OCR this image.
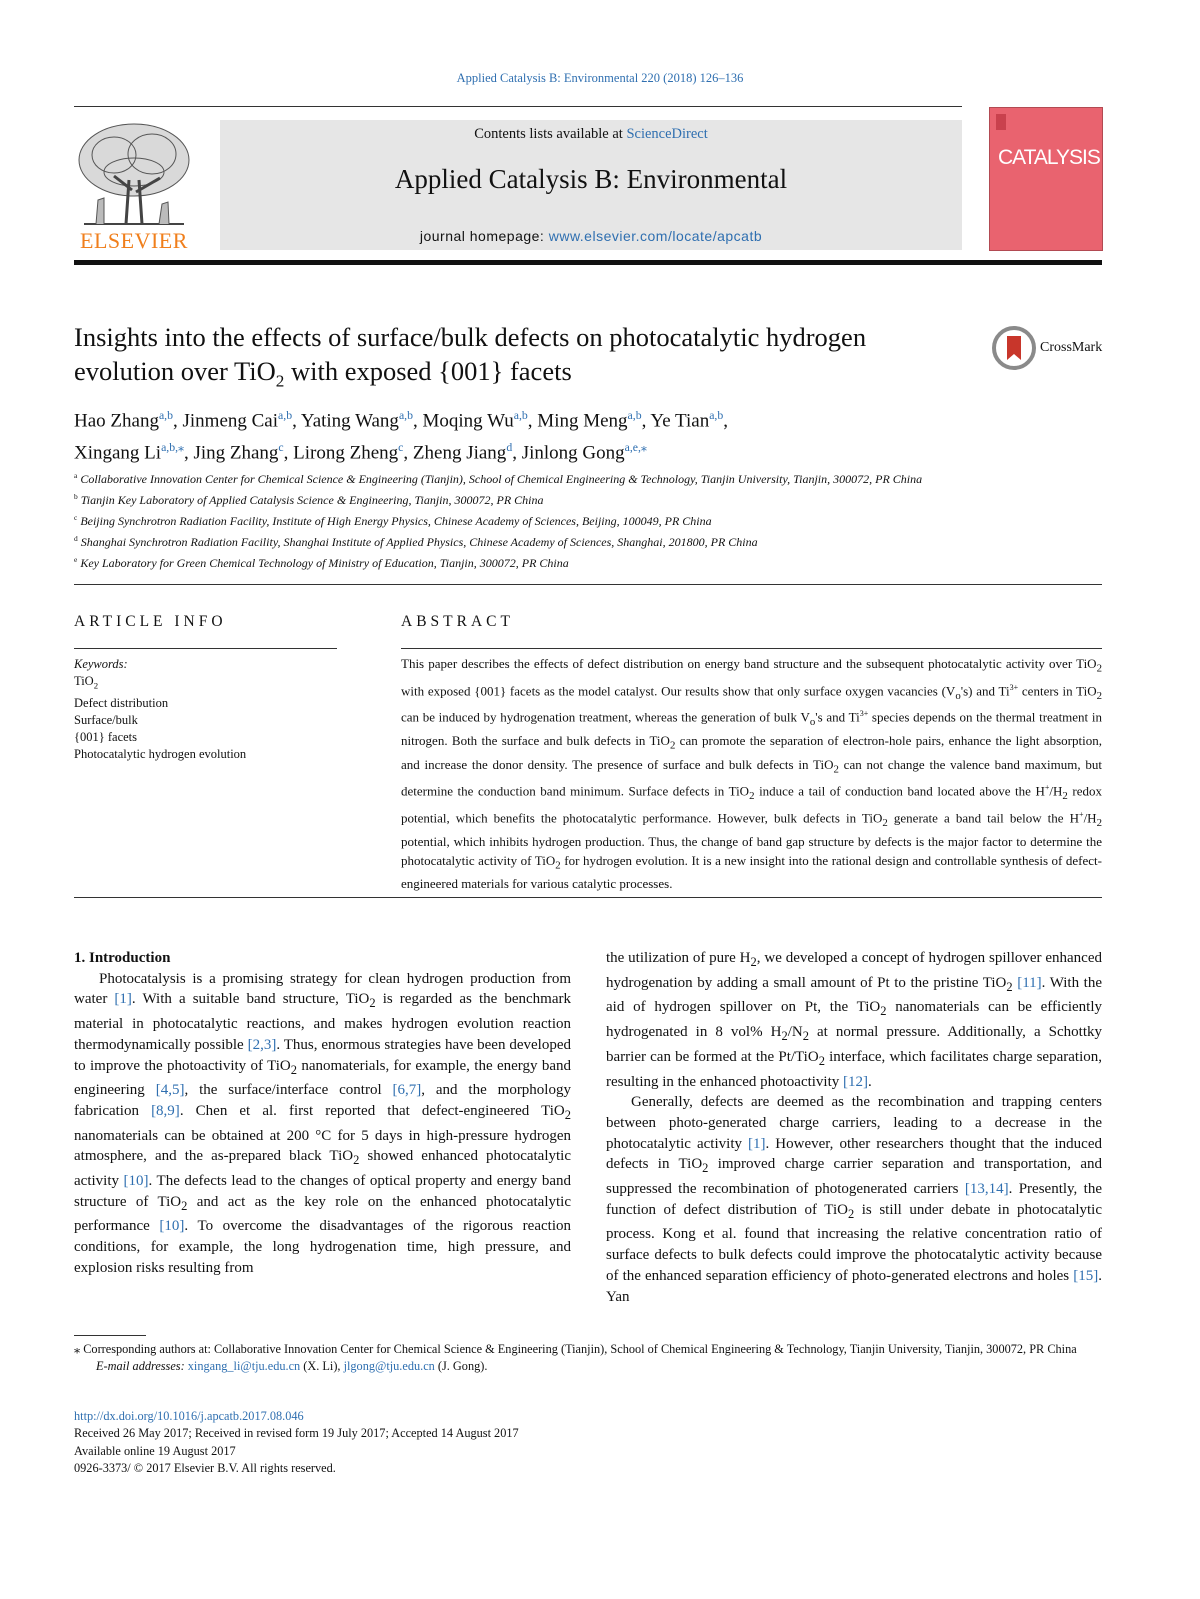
Applied Catalysis B: Environmental 220 (2018) 126–136
ELSEVIER
Contents lists available at ScienceDirect
Applied Catalysis B: Environmental
journal homepage: www.elsevier.com/locate/apcatb
CATALYSIS
Insights into the effects of surface/bulk defects on photocatalytic hydrogen
evolution over TiO$_2$ with exposed {001} facets
CrossMark
Hao Zhang$^{a,b}$, Jinmeng Cai$^{a,b}$, Yating Wang$^{a,b}$, Moqing Wu$^{a,b}$, Ming Meng$^{a,b}$, Ye Tian$^{a,b}$,
Xingang $Li^{a,b,⁎}$, Jing Zhang$^c$, Lirong Zheng$^c$, Zheng Jiang$^d$, Jinlong Gong$^{a,e,⁎}$
$^a$ Collaborative Innovation Center for Chemical Science & Engineering (Tianjin), School of Chemical Engineering & Technology, Tianjin University, Tianjin, 300072, PR China
$^b$ Tianjin Key Laboratory of Applied Catalysis Science & Engineering, Tianjin, 300072, PR China
$^c$ Beijing Synchrotron Radiation Facility, Institute of High Energy Physics, Chinese Academy of Sciences, Beijing, 100049, PR China
$^d$ Shanghai Synchrotron Radiation Facility, Shanghai Institute of Applied Physics, Chinese Academy of Sciences, Shanghai, 201800, PR China
$^e$ Key Laboratory for Green Chemical Technology of Ministry of Education, Tianjin, 300072, PR China
ARTICLE INFO
Keywords:
TiO$_2$
Defect distribution
Surface/bulk
{001} facets
Photocatalytic hydrogen evolution
ABSTRACT
This paper describes the effects of defect distribution on energy band structure and the subsequent photocatalytic activity over TiO$_2$ with exposed {001} facets as the model catalyst. Our results show that only surface oxygen vacancies $(V_o's)$ and $Ti^{3+}$ centers in TiO$_2$ can be induced by hydrogenation treatment, whereas the generation of bulk $V_o's$ and $Ti^{3+}$ species depends on the thermal treatment in nitrogen. Both the surface and bulk defects in TiO$_2$ can promote the separation of electron-hole pairs, enhance the light absorption, and increase the donor density. The presence of surface and bulk defects in TiO$_2$ can not change the valence band maximum, but determine the conduction band minimum. Surface defects in TiO$_2$ induce a tail of conduction band located above the $H^+/H_2$ redox potential, which benefits the photocatalytic performance. However, bulk defects in TiO$_2$ generate a band tail below the $H^+/H_2$ potential, which inhibits hydrogen production. Thus, the change of band gap structure by defects is the major factor to determine the photocatalytic activity of TiO$_2$ for hydrogen evolution. It is a new insight into the rational design and controllable synthesis of defect-engineered materials for various catalytic processes.

1. Introduction

Photocatalysis is a promising strategy for clean hydrogen production from water [1]. With a suitable band structure, TiO$_2$ is regarded as the benchmark material in photocatalytic reactions, and makes hydrogen evolution reaction thermodynamically possible [2,3]. Thus, enormous strategies have been developed to improve the photoactivity of TiO$_2$ nanomaterials, for example, the energy band engineering [4,5], the surface/interface control [6,7], and the morphology fabrication [8,9]. Chen et al. first reported that defect-engineered TiO$_2$ nanomaterials can be obtained at 200 °C for 5 days in high-pressure hydrogen atmosphere, and the as-prepared black TiO$_2$ showed enhanced photocatalytic activity [10]. The defects lead to the changes of optical property and energy band structure of TiO$_2$ and act as the key role on the enhanced photocatalytic performance [10]. To overcome the disadvantages of the rigorous reaction conditions, for example, the long hydrogenation time, high pressure, and explosion risks resulting from

the utilization of pure $H_2$, we developed a concept of hydrogen spillover enhanced hydrogenation by adding a small amount of Pt to the pristine TiO$_2$ [11]. With the aid of hydrogen spillover on Pt, the TiO$_2$ nanomaterials can be efficiently hydrogenated in 8 vol% $H_2/N_2$ at normal pressure. Additionally, a Schottky barrier can be formed at the Pt/TiO$_2$ interface, which facilitates charge separation, resulting in the enhanced photoactivity [12].

Generally, defects are deemed as the recombination and trapping centers between photo-generated charge carriers, leading to a decrease in the photocatalytic activity [1]. However, other researchers thought that the induced defects in TiO$_2$ improved charge carrier separation and transportation, and suppressed the recombination of photogenerated carriers [13,14]. Presently, the function of defect distribution of TiO$_2$ is still under debate in photocatalytic process. Kong et al. found that increasing the relative concentration ratio of surface defects to bulk defects could improve the photocatalytic activity because of the enhanced separation efficiency of photo-generated electrons and holes [15]. Yan

⁎ Corresponding authors at: Collaborative Innovation Center for Chemical Science & Engineering (Tianjin), School of Chemical Engineering & Technology, Tianjin University, Tianjin, 300072, PR China
E-mail addresses: xingang_li@tju.edu.cn (X. Li), jlgong@tju.edu.cn (J. Gong).
http://dx.doi.org/10.1016/j.apcatb.2017.08.046
Received 26 May 2017; Received in revised form 19 July 2017; Accepted 14 August 2017
Available online 19 August 2017
0926-3373/ © 2017 Elsevier B.V. All rights reserved.
